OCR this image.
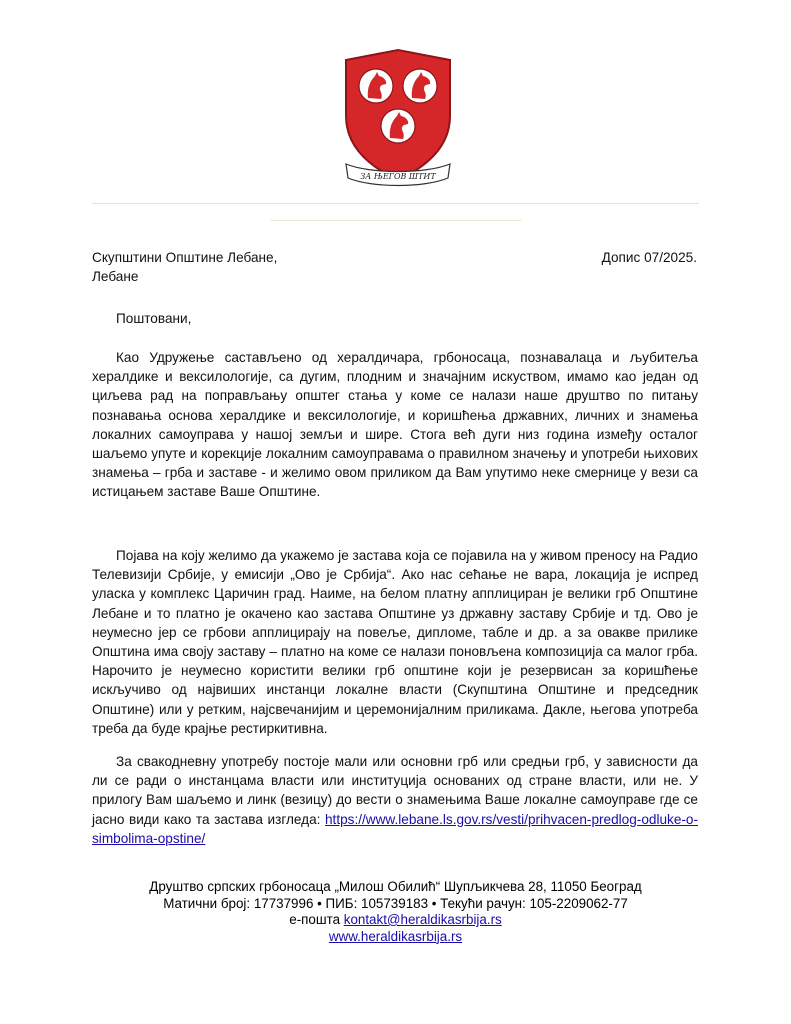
ЗА ЊЕГОВ ШТИТ
Скупштини Општине Лебане,
Лебане
Допис 07/2025.
Поштовани,

Као Удружење састављено од хералдичара, грбоносаца, познавалаца и љубитеља хералдике и вексилологије, са дугим, плодним и значајним искуством, имамо као један од циљева рад на поправљању општег стања у коме се налази наше друштво по питању познавања основа хералдике и вексилологије, и коришћења државних, личних и знамења локалних самоуправа у нашој земљи и шире. Стога већ дуги низ година између осталог шаљемо упуте и корекције локалним самоуправама о правилном значењу и употреби њихових знамења – грба и заставе - и желимо овом приликом да Вам упутимо неке смернице у вези са истицањем заставе Ваше Општине.

Појава на коју желимо да укажемо је застава која се појавила на у живом преносу на Радио Телевизији Србије, у емисији „Ово је Србија“. Ако нас сећање не вара, локација је испред уласка у комплекс Царичин град. Наиме, на белом платну апплициран је велики грб Општине Лебане и то платно је окачено као застава Општине уз државну заставу Србије и тд. Ово је неумесно јер се грбови апплицирају на повеље, дипломе, табле и др. а за овакве прилике Општина има своју заставу – платно на коме се налази поновљена композиција са малог грба. Нарочито је неумесно користити велики грб општине који је резервисан за коришћење искључиво од највиших инстанци локалне власти (Скупштина Општине и председник Општине) или у ретким, најсвечанијим и церемонијалним приликама. Дакле, његова употреба треба да буде крајње рестиркитивна.

За свакодневну употребу постоје мали или основни грб или средњи грб, у зависности да ли се ради о инстанцама власти или институција основаних од стране власти, или не. У прилогу Вам шаљемо и линк (везицу) до вести о знамењима Ваше локалне самоуправе где се јасно види како та застава изгледа: https://www.lebane.ls.gov.rs/vesti/prihvacen-predlog-odluke-o-simbolima-opstine/

Друштво српских грбоносаца „Милош Обилић“ Шупљикчева 28, 11050 Београд
Матични број: 17737996 • ПИБ: 105739183 • Текући рачун: 105-2209062-77
е-пошта kontakt@heraldikasrbija.rs
www.heraldikasrbija.rs
